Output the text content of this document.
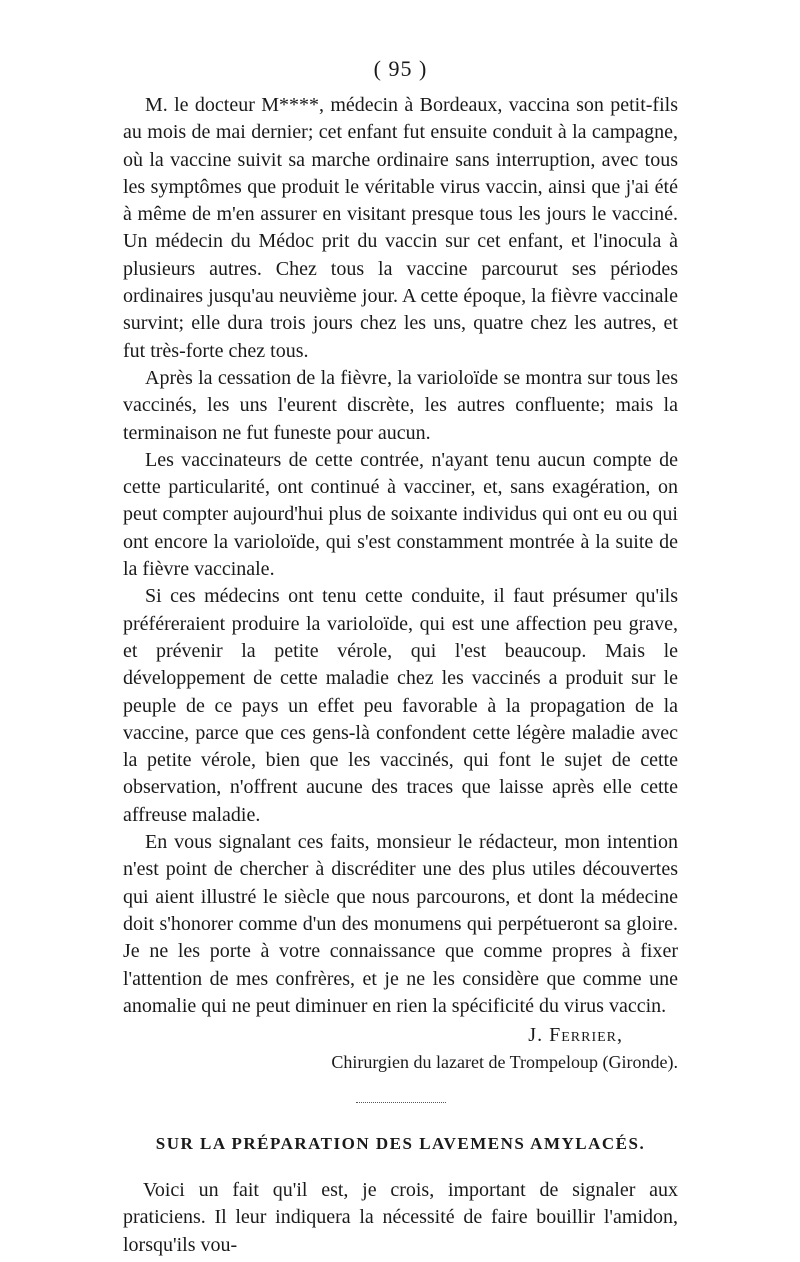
( 95 )

M. le docteur M****, médecin à Bordeaux, vaccina son petit-fils au mois de mai dernier; cet enfant fut ensuite conduit à la campagne, où la vaccine suivit sa marche ordinaire sans interruption, avec tous les symptômes que produit le véritable virus vaccin, ainsi que j'ai été à même de m'en assurer en visitant presque tous les jours le vacciné. Un médecin du Médoc prit du vaccin sur cet enfant, et l'inocula à plusieurs autres. Chez tous la vaccine parcourut ses périodes ordinaires jusqu'au neuvième jour. A cette époque, la fièvre vaccinale survint; elle dura trois jours chez les uns, quatre chez les autres, et fut très-forte chez tous.

Après la cessation de la fièvre, la varioloïde se montra sur tous les vaccinés, les uns l'eurent discrète, les autres confluente; mais la terminaison ne fut funeste pour aucun.

Les vaccinateurs de cette contrée, n'ayant tenu aucun compte de cette particularité, ont continué à vacciner, et, sans exagération, on peut compter aujourd'hui plus de soixante individus qui ont eu ou qui ont encore la varioloïde, qui s'est constamment montrée à la suite de la fièvre vaccinale.

Si ces médecins ont tenu cette conduite, il faut présumer qu'ils préféreraient produire la varioloïde, qui est une affection peu grave, et prévenir la petite vérole, qui l'est beaucoup. Mais le développement de cette maladie chez les vaccinés a produit sur le peuple de ce pays un effet peu favorable à la propagation de la vaccine, parce que ces gens-là confondent cette légère maladie avec la petite vérole, bien que les vaccinés, qui font le sujet de cette observation, n'offrent aucune des traces que laisse après elle cette affreuse maladie.

En vous signalant ces faits, monsieur le rédacteur, mon intention n'est point de chercher à discréditer une des plus utiles découvertes qui aient illustré le siècle que nous parcourons, et dont la médecine doit s'honorer comme d'un des monumens qui perpétueront sa gloire. Je ne les porte à votre connaissance que comme propres à fixer l'attention de mes confrères, et je ne les considère que comme une anomalie qui ne peut diminuer en rien la spécificité du virus vaccin.

J. Ferrier,
Chirurgien du lazaret de Trompeloup (Gironde).
SUR LA PRÉPARATION DES LAVEMENS AMYLACÉS.

Voici un fait qu'il est, je crois, important de signaler aux praticiens. Il leur indiquera la nécessité de faire bouillir l'amidon, lorsqu'ils vou-
